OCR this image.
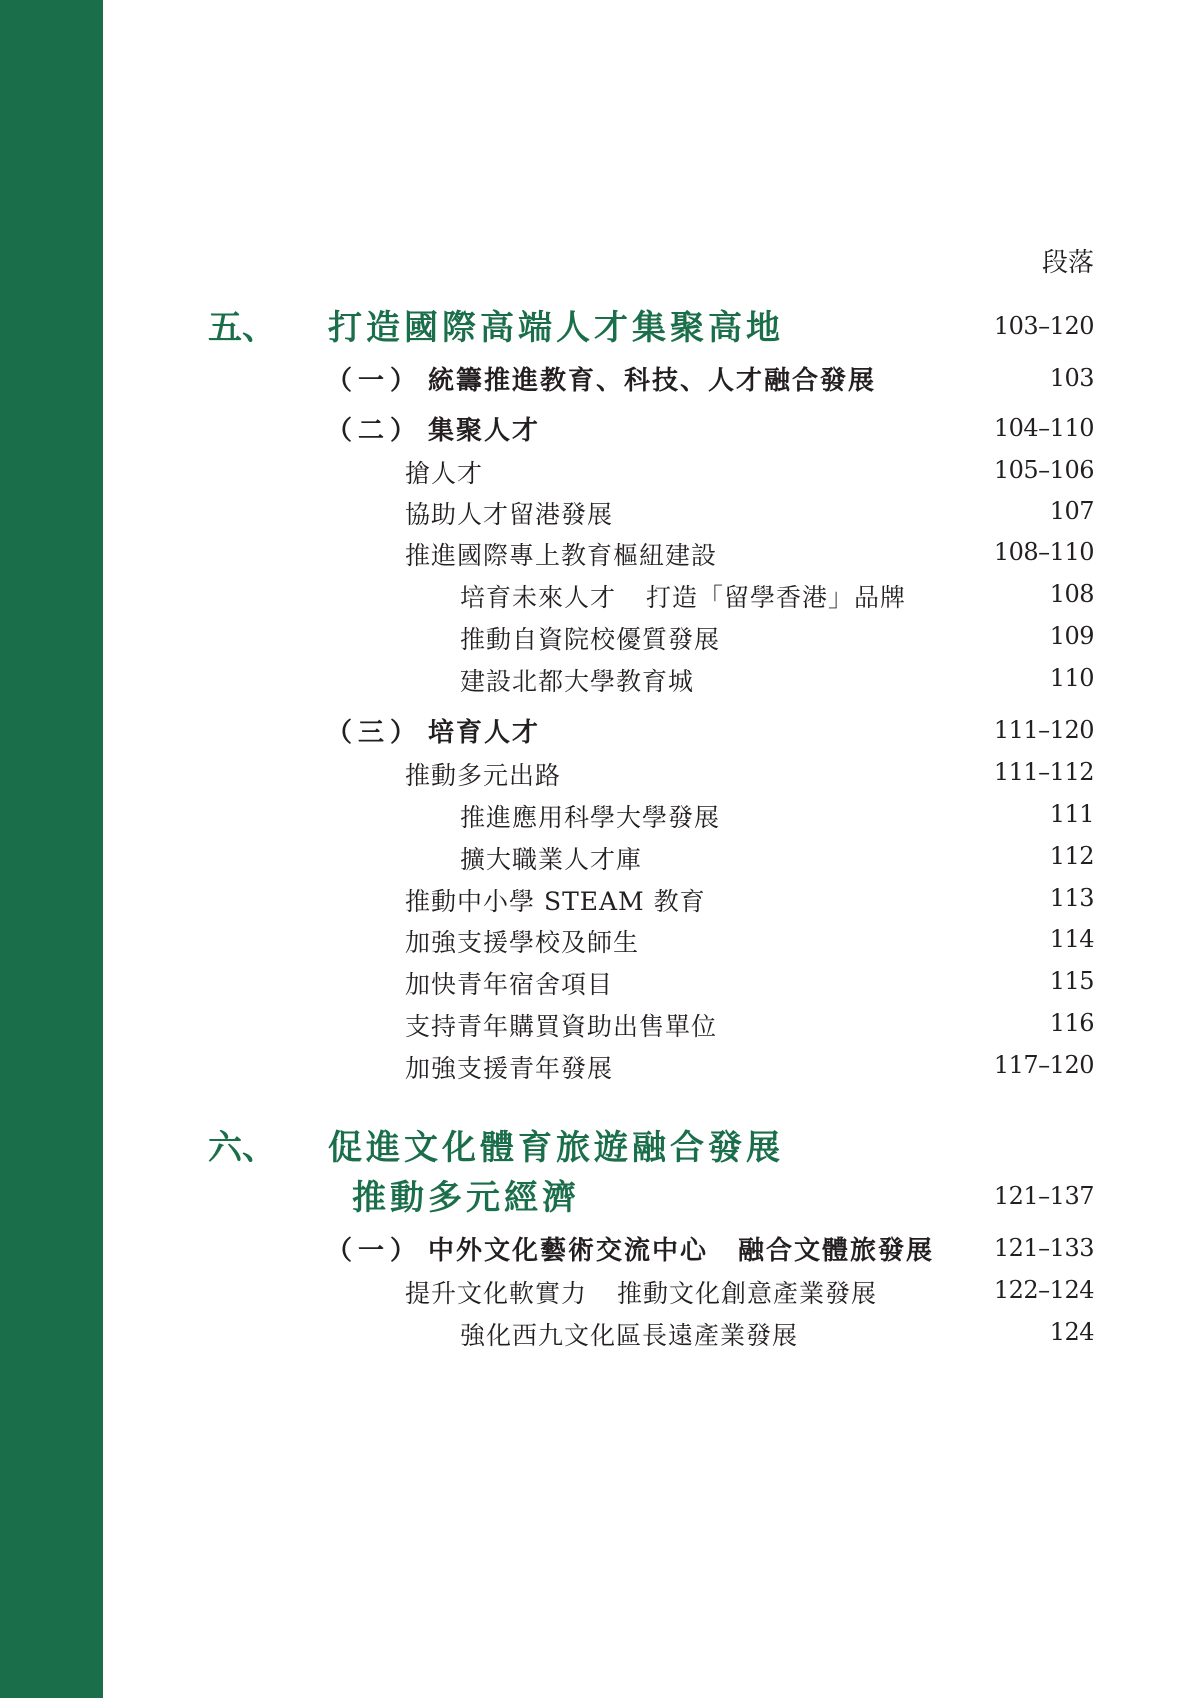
段落
五、 打造國際高端人才集聚高地	103–120
（一） 統籌推進教育、科技、人才融合發展	103
（二） 集聚人才	104–110
搶人才	105–106
協助人才留港發展	107
推進國際專上教育樞紐建設	108–110
培育未來人才 打造「留學香港」品牌	108
推動自資院校優質發展	109
建設北都大學教育城	110
（三） 培育人才	111–120
推動多元出路	111–112
推進應用科學大學發展	111
擴大職業人才庫	112
推動中小學 STEAM 教育	113
加強支援學校及師生	114
加快青年宿舍項目	115
支持青年購買資助出售單位	116
加強支援青年發展	117–120
六、 促進文化體育旅遊融合發展
推動多元經濟	121–137
（一） 中外文化藝術交流中心 融合文體旅發展 121–133
提升文化軟實力 推動文化創意產業發展	122–124
強化西九文化區長遠產業發展	124
